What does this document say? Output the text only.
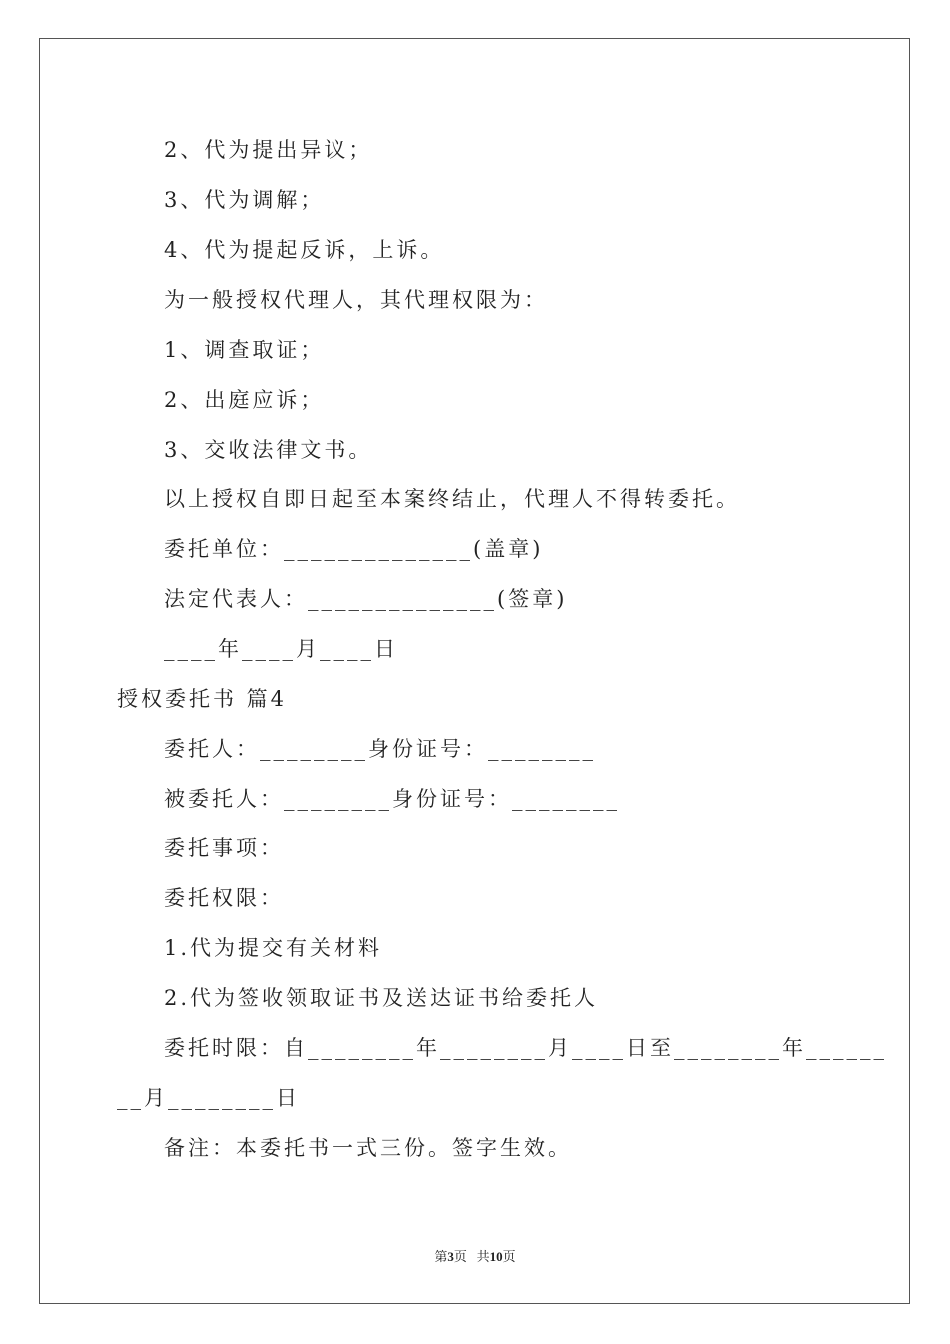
2、代为提出异议；
3、代为调解；
4、代为提起反诉，上诉。
为一般授权代理人，其代理权限为：
1、调查取证；
2、出庭应诉；
3、交收法律文书。
以上授权自即日起至本案终结止，代理人不得转委托。
委托单位：______________(盖章)
法定代表人：______________(签章)
____年____月____日
授权委托书 篇4
委托人：________身份证号：________
被委托人：________身份证号：________
委托事项：
委托权限：
1.代为提交有关材料
2.代为签收领取证书及送达证书给委托人
委托时限：自________年________月____日至________年______
__月________日
备注：本委托书一式三份。签字生效。
第3页 共10页
